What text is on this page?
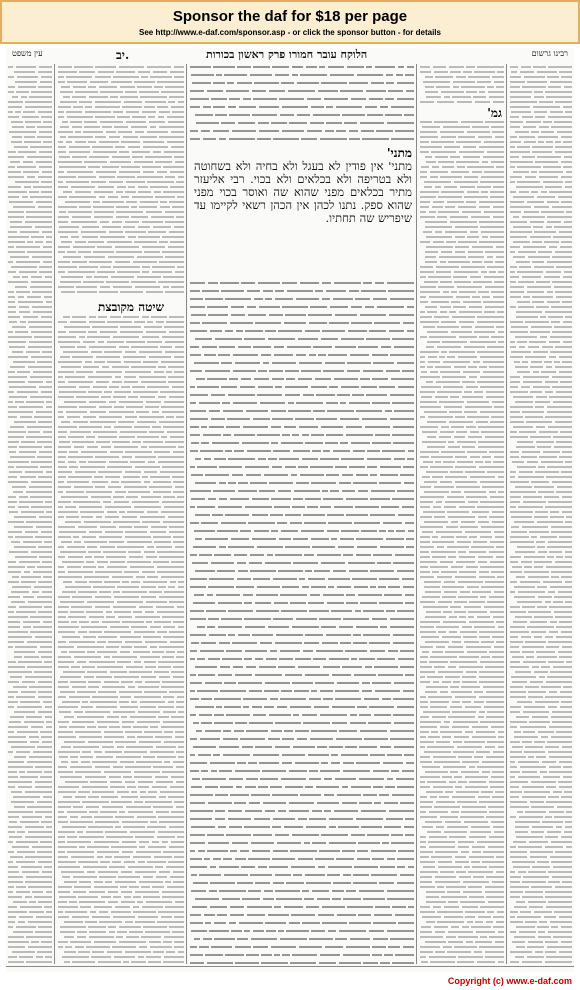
Sponsor the daf for $18 per page
See http://www.e-daf.com/sponsor.asp - or click the sponsor button - for details
עין משפט	יב.	הלוקח עובר חמורו פרק ראשון בכורות	רבינו גרשום
שיטה מקובצת
מתני'
מתני' אין פודין לא בעגל ולא בחיה ולא בשחוטה ולא בטריפה ולא בכלאים ולא בכוי. רבי אליעזר מתיר בכלאים מפני שהוא שה ואוסר בכוי מפני שהוא ספק. נתנו לכהן אין הכהן רשאי לקיימו עד שיפריש שה תחתיו.
גמ'
Copyright (c) www.e-daf.com
